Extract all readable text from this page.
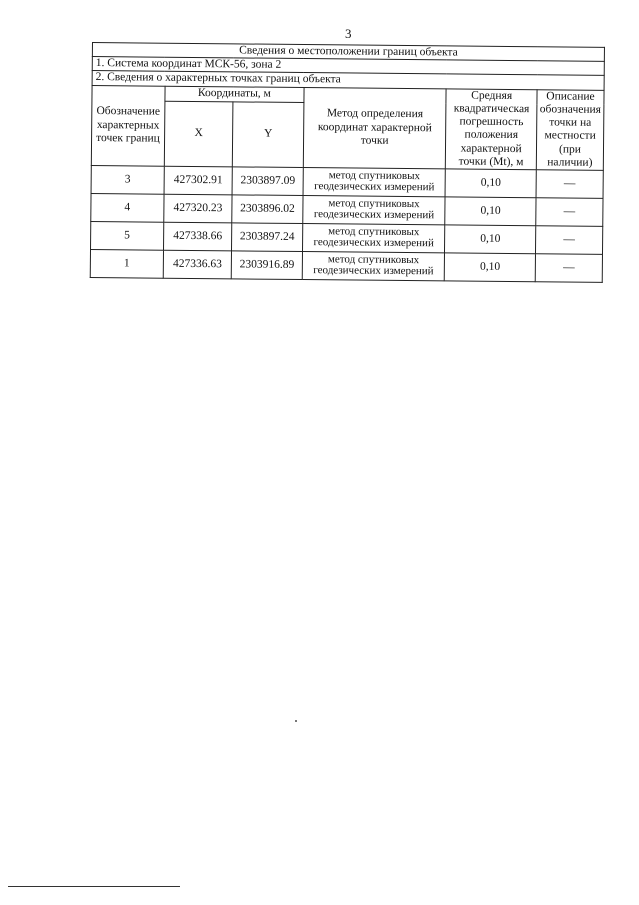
3
Сведения о местоположении границ объекта					
1. Система координат МСК-56, зона 2					
2. Сведения о характерных точках границ объекта					
Обозначение характерных точек границ	Координаты, м		Метод определения координат характерной точки	Средняя квадратическая погрешность положения характерной точки (Mt), м	Описание обозначения точки на местности (при наличии)
	X	Y			
3	427302.91	2303897.09	метод спутниковых геодезических измерений	0,10	—
4	427320.23	2303896.02	метод спутниковых геодезических измерений	0,10	—
5	427338.66	2303897.24	метод спутниковых геодезических измерений	0,10	—
1	427336.63	2303916.89	метод спутниковых геодезических измерений	0,10	—
